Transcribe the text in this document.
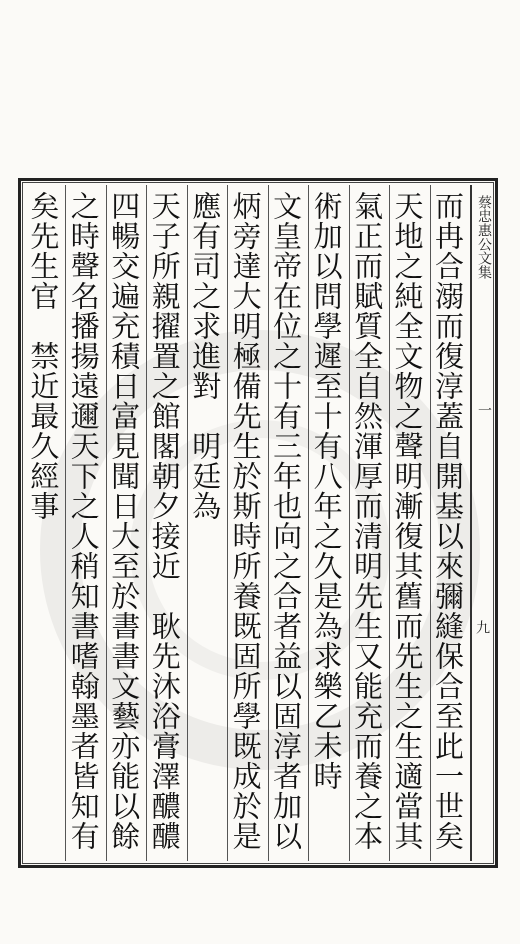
而冉合溺而復淳蓋自開基以來彌縫保合至此一世矣
天地之純全文物之聲明漸復其舊而先生之生適當其
氣正而賦質全自然渾厚而清明先生又能充而養之本
術加以問學遲至十有八年之久是為求樂乙未時
文皇帝在位之十有三年也向之合者益以固淳者加以
炳旁達大明極備先生於斯時所養既固所學既成於是
應有司之求進對　明廷為
天子所親擢置之館閣朝夕接近　耿先沐浴膏澤醲醲
四暢交遍充積日富見聞日大至於書書文藝亦能以餘
之時聲名播揚遠邇天下之人稍知書嗜翰墨者皆知有
矣先生官　禁近最久經事	蔡忠惠公文集 一
九
